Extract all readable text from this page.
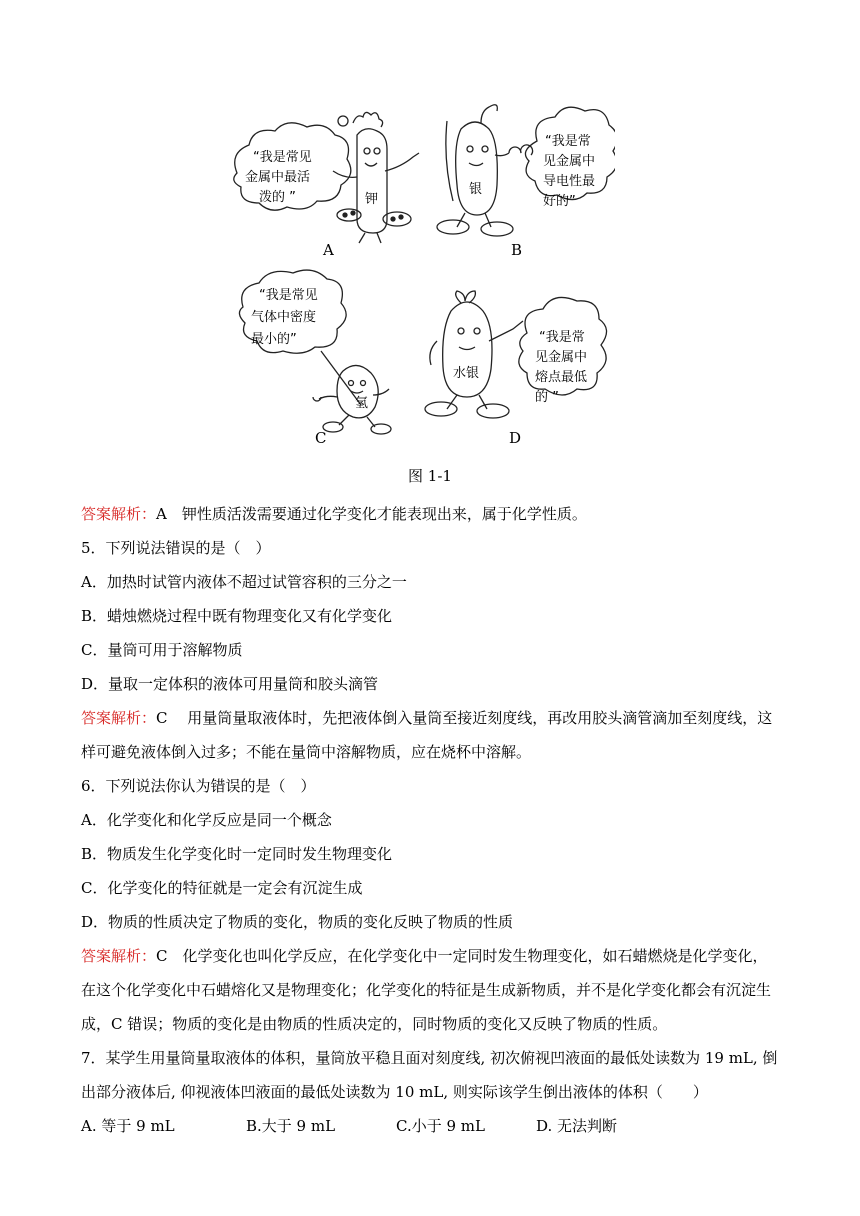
钾
银
氢
水银
“我是常见
金属中最活
泼的 ”
“我是常
见金属中
导电性最
好的”
“我是常见
气体中密度
最小的”	“我是常
见金属中
熔点最低
的 ”
A	B
C	D
图 1-1
答案解析：A　钾性质活泼需要通过化学变化才能表现出来，属于化学性质。
5．下列说法错误的是（　）
A．加热时试管内液体不超过试管容积的三分之一
B．蜡烛燃烧过程中既有物理变化又有化学变化
C．量筒可用于溶解物质
D．量取一定体积的液体可用量筒和胶头滴管
答案解析：C　 用量筒量取液体时，先把液体倒入量筒至接近刻度线，再改用胶头滴管滴加至刻度线，这
样可避免液体倒入过多；不能在量筒中溶解物质，应在烧杯中溶解。
6．下列说法你认为错误的是（　）
A．化学变化和化学反应是同一个概念
B．物质发生化学变化时一定同时发生物理变化
C．化学变化的特征就是一定会有沉淀生成
D．物质的性质决定了物质的变化，物质的变化反映了物质的性质
答案解析：C　化学变化也叫化学反应，在化学变化中一定同时发生物理变化，如石蜡燃烧是化学变化，
在这个化学变化中石蜡熔化又是物理变化；化学变化的特征是生成新物质，并不是化学变化都会有沉淀生
成，C 错误；物质的变化是由物质的性质决定的，同时物质的变化又反映了物质的性质。
7．某学生用量筒量取液体的体积，量筒放平稳且面对刻度线, 初次俯视凹液面的最低处读数为 19 mL, 倒
出部分液体后, 仰视液体凹液面的最低处读数为 10 mL, 则实际该学生倒出液体的体积（　　）
A. 等于 9 mL	B.大于 9 mL	C.小于 9 mL	D. 无法判断
